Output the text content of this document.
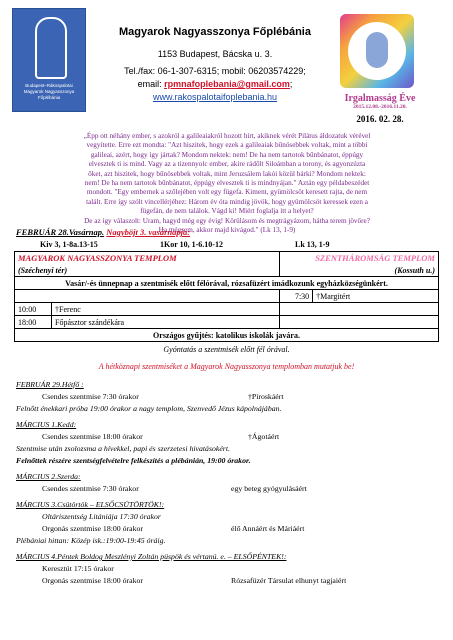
Budapest–Rákospalotai Magyarok Nagyasszonya Főplébánia
Magyarok Nagyasszonya Főplébánia
1153 Budapest, Bácska u. 3.
Tel./fax: 06-1-307-6315; mobil: 06203574229;
email: rpmnafoplebania@gmail.com;
www.rakospalotaifoplebania.hu	Irgalmasság Éve
2015.12.08.-2016.11.20.
2016. 02. 28.

„Épp ott néhány ember, s azokról a galileaiakról hozott hírt, akiknek vérét Pilátus áldozatuk vérével

vegyítette. Erre ezt mondta: "Azt hiszitek, hogy ezek a galileaiak bűnösebbek voltak, mint a többi

galileai, azért, hogy így jártak? Mondom nektek: nem! De ha nem tartotok bűnbánatot, éppúgy

elvesztek ti is mind. Vagy az a tizennyolc ember, akire rádőlt Siloámban a torony, és agyonzúzta

őket, azt hiszitek, hogy bűnösebbek voltak, mint Jeruzsálem lakói közül bárki? Mondom nektek:

nem! De ha nem tartotok bűnbánatot, éppúgy elvesztek ti is mindnyájan." Aztán egy példabeszédet

mondott. "Egy embernek a szőlejében volt egy fügefa. Kiment, gyümölcsöt keresett rajta, de nem

talált. Erre így szólt vincellérjéhez: Három év óta mindig jövök, hogy gyümölcsöt keressek ezen a

fügefán, de nem találok. Vágd ki! Miért foglalja itt a helyet?

De az így válaszolt: Uram, hagyd még egy évig! Körülásom és megtrágyázom, hátha terem jövőre?

Ha mégsem, akkor majd kivágod." (Lk 13, 1-9)

FEBRUÁR 28.Vasárnap. Nagyböjt 3. vasárnapja:
Kiv 3, 1-8a.13-15	1Kor 10, 1-6.10-12	Lk 13, 1-9
MAGYAROK NAGYASSZONYA TEMPLOM		SZENTHÁROMSÁG TEMPLOM	
(Széchenyi tér)		(Kossuth u.)	
Vasár/-és ünnepnap a szentmisék előtt félórával, rózsafüzért imádkozunk egyházközségünkért.			
		7:30	†Margitért
10:00	†Ferenc		
18:00	Főpásztor szándékára		
Országos gyűjtés: katolikus iskolák javára.			
Gyóntatás a szentmisék előtt fél órával.
A hétköznapi szentmiséket a Magyarok Nagyasszonya templomban mutatjuk be!
FEBRUÁR 29.Hétfő :
Csendes szentmise 7:30 órakor	†Piroskáért
Felnőtt énekkari próba 19:00 órakor a nagy templom, Szenvedő Jézus kápolnájában.
MÁRCIUS 1.Kedd:
Csendes szentmise 18:00 órakor	†Ágotáért
Szentmise után zsolozsma a hívekkel, papi és szerzetesi hivatásokért.
Felnőttek részére szentségfelvételre felkészítés a plébánián, 19:00 órakor.
MÁRCIUS 2.Szerda:
Csendes szentmise 7:30 órakor	egy beteg gyógyulásáért
MÁRCIUS 3.Csütörtök – ELSŐCSÜTÖRTÖK!:
Oltáriszentség Litániája 17:30 órakor
Orgonás szentmise 18:00 órakor	élő Annáért és Máriáért
Plébániai hittan: Közép isk.:19:00-19:45 óráig.
MÁRCIUS 4.Péntek Boldog Meszlényi Zoltán püspök és vértanú. e. – ELSŐPÉNTEK!:
Keresztút 17:15 órakor
Orgonás szentmise 18:00 órakor	Rózsafüzér Társulat elhunyt tagjaiért
